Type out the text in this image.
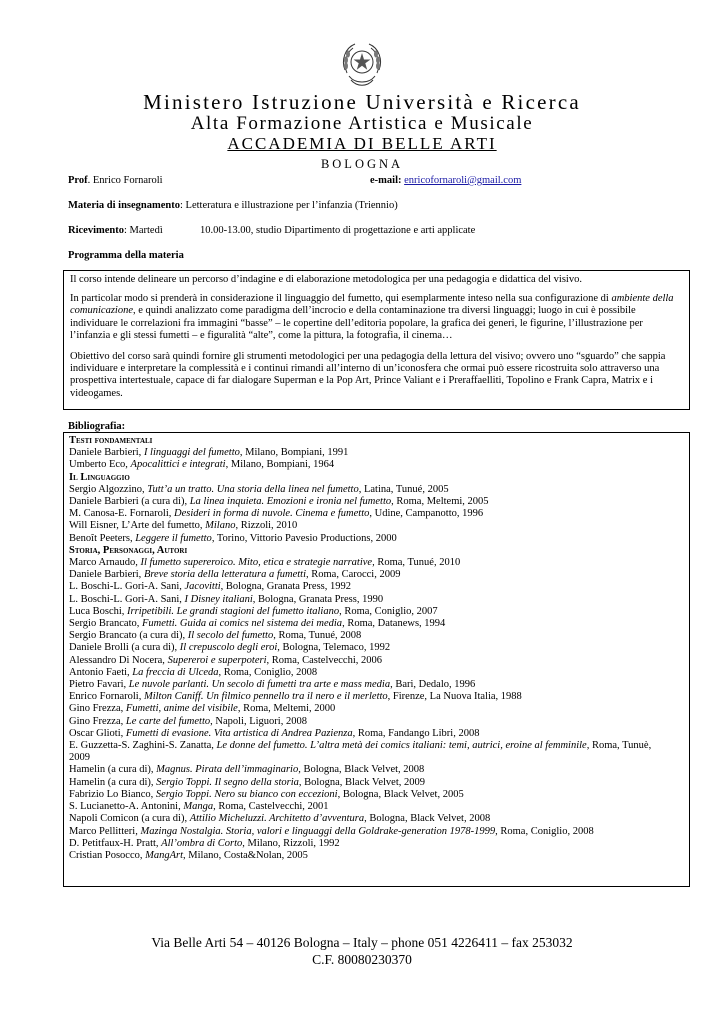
Ministero Istruzione Università e Ricerca
Alta Formazione Artistica e Musicale
ACCADEMIA DI BELLE ARTI
BOLOGNA
Prof. Enrico Fornaroli	e-mail: enricofornaroli@gmail.com
Materia di insegnamento: Letteratura e illustrazione per l’infanzia (Triennio)
Ricevimento: Martedì	10.00-13.00, studio Dipartimento di progettazione e arti applicate
Programma della materia

Il corso intende delineare un percorso d’indagine e di elaborazione metodologica per una pedagogia e didattica del visivo.

In particolar modo si prenderà in considerazione il linguaggio del fumetto, qui esemplarmente inteso nella sua configurazione di ambiente della comunicazione, e quindi analizzato come paradigma dell’incrocio e della contaminazione tra diversi linguaggi; luogo in cui è possibile individuare le correlazioni fra immagini “basse” – le copertine dell’editoria popolare, la grafica dei generi, le figurine, l’illustrazione per l’infanzia e gli stessi fumetti – e figuralità “alte”, come la pittura, la fotografia, il cinema…

Obiettivo del corso sarà quindi fornire gli strumenti metodologici per una pedagogia della lettura del visivo; ovvero uno “sguardo” che sappia individuare e interpretare la complessità e i continui rimandi all’interno di un’iconosfera che ormai può essere ricostruita solo attraverso una prospettiva intertestuale, capace di far dialogare Superman e la Pop Art, Prince Valiant e i Preraffaelliti, Topolino e Frank Capra, Matrix e i videogames.

Bibliografia:
Testi fondamentali
Daniele Barbieri, I linguaggi del fumetto, Milano, Bompiani, 1991
Umberto Eco, Apocalittici e integrati, Milano, Bompiani, 1964
Il Linguaggio
Sergio Algozzino, Tutt’a un tratto. Una storia della linea nel fumetto, Latina, Tunué, 2005
Daniele Barbieri (a cura di), La linea inquieta. Emozioni e ironia nel fumetto, Roma, Meltemi, 2005
M. Canosa-E. Fornaroli, Desideri in forma di nuvole. Cinema e fumetto, Udine, Campanotto, 1996
Will Eisner, L’Arte del fumetto, Milano, Rizzoli, 2010
Benoît Peeters, Leggere il fumetto, Torino, Vittorio Pavesio Productions, 2000
Storia, Personaggi, Autori
Marco Arnaudo, Il fumetto supereroico. Mito, etica e strategie narrative, Roma, Tunué, 2010
Daniele Barbieri, Breve storia della letteratura a fumetti, Roma, Carocci, 2009
L. Boschi-L. Gori-A. Sani, Jacovitti, Bologna, Granata Press, 1992
L. Boschi-L. Gori-A. Sani, I Disney italiani, Bologna, Granata Press, 1990
Luca Boschi, Irripetibili. Le grandi stagioni del fumetto italiano, Roma, Coniglio, 2007
Sergio Brancato, Fumetti. Guida ai comics nel sistema dei media, Roma, Datanews, 1994
Sergio Brancato (a cura di), Il secolo del fumetto, Roma, Tunué, 2008
Daniele Brolli (a cura di), Il crepuscolo degli eroi, Bologna, Telemaco, 1992
Alessandro Di Nocera, Supereroi e superpoteri, Roma, Castelvecchi, 2006
Antonio Faeti, La freccia di Ulceda, Roma, Coniglio, 2008
Pietro Favari, Le nuvole parlanti. Un secolo di fumetti tra arte e mass media, Bari, Dedalo, 1996
Enrico Fornaroli, Milton Caniff. Un filmico pennello tra il nero e il merletto, Firenze, La Nuova Italia, 1988
Gino Frezza, Fumetti, anime del visibile, Roma, Meltemi, 2000
Gino Frezza, Le carte del fumetto, Napoli, Liguori, 2008
Oscar Glioti, Fumetti di evasione. Vita artistica di Andrea Pazienza, Roma, Fandango Libri, 2008
E. Guzzetta-S. Zaghini-S. Zanatta, Le donne del fumetto. L’altra metà dei comics italiani: temi, autrici, eroine al femminile, Roma, Tunuè,
2009
Hamelin (a cura di), Magnus. Pirata dell’immaginario, Bologna, Black Velvet, 2008
Hamelin (a cura di), Sergio Toppi. Il segno della storia, Bologna, Black Velvet, 2009
Fabrizio Lo Bianco, Sergio Toppi. Nero su bianco con eccezioni, Bologna, Black Velvet, 2005
S. Lucianetto-A. Antonini, Manga, Roma, Castelvecchi, 2001
Napoli Comicon (a cura di), Attilio Micheluzzi. Architetto d’avventura, Bologna, Black Velvet, 2008
Marco Pellitteri, Mazinga Nostalgia. Storia, valori e linguaggi della Goldrake-generation 1978-1999, Roma, Coniglio, 2008
D. Petitfaux-H. Pratt, All’ombra di Corto, Milano, Rizzoli, 1992
Cristian Posocco, MangArt, Milano, Costa&Nolan, 2005
Via Belle Arti 54 – 40126 Bologna – Italy – phone 051 4226411 – fax 253032
C.F. 80080230370
